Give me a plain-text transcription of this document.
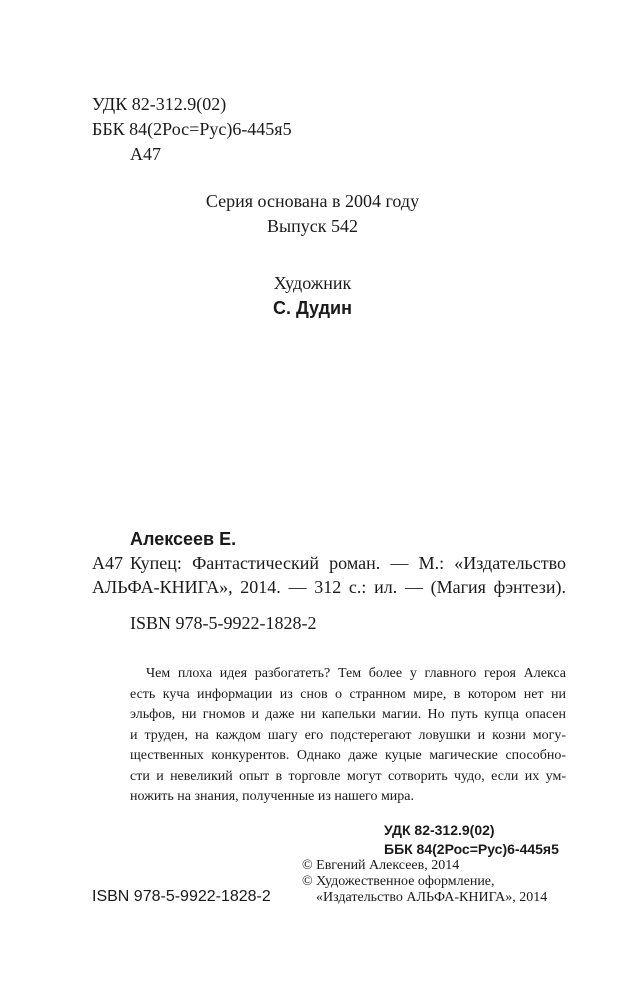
УДК 82-312.9(02)
ББК 84(2Рос=Рус)6-445я5
А47
Серия основана в 2004 году
Выпуск 542
Художник
С. Дудин
Алексеев Е.
А47 Купец: Фантастический роман. — М.: «Издательство
АЛЬФА-КНИГА», 2014. — 312 с.: ил. — (Магия фэнтези).
ISBN 978-5-9922-1828-2
Чем плоха идея разбогатеть? Тем более у главного героя Алекса
есть куча информации из снов о странном мире, в котором нет ни
эльфов, ни гномов и даже ни капельки магии. Но путь купца опасен
и труден, на каждом шагу его подстерегают ловушки и козни могу-
щественных конкурентов. Однако даже куцые магические способно-
сти и невеликий опыт в торговле могут сотворить чудо, если их ум-
ножить на знания, полученные из нашего мира.
УДК 82-312.9(02)
ББК 84(2Рос=Рус)6-445я5
© Евгений Алексеев, 2014
© Художественное оформление,
«Издательство АЛЬФА-КНИГА», 2014
ISBN 978-5-9922-1828-2
